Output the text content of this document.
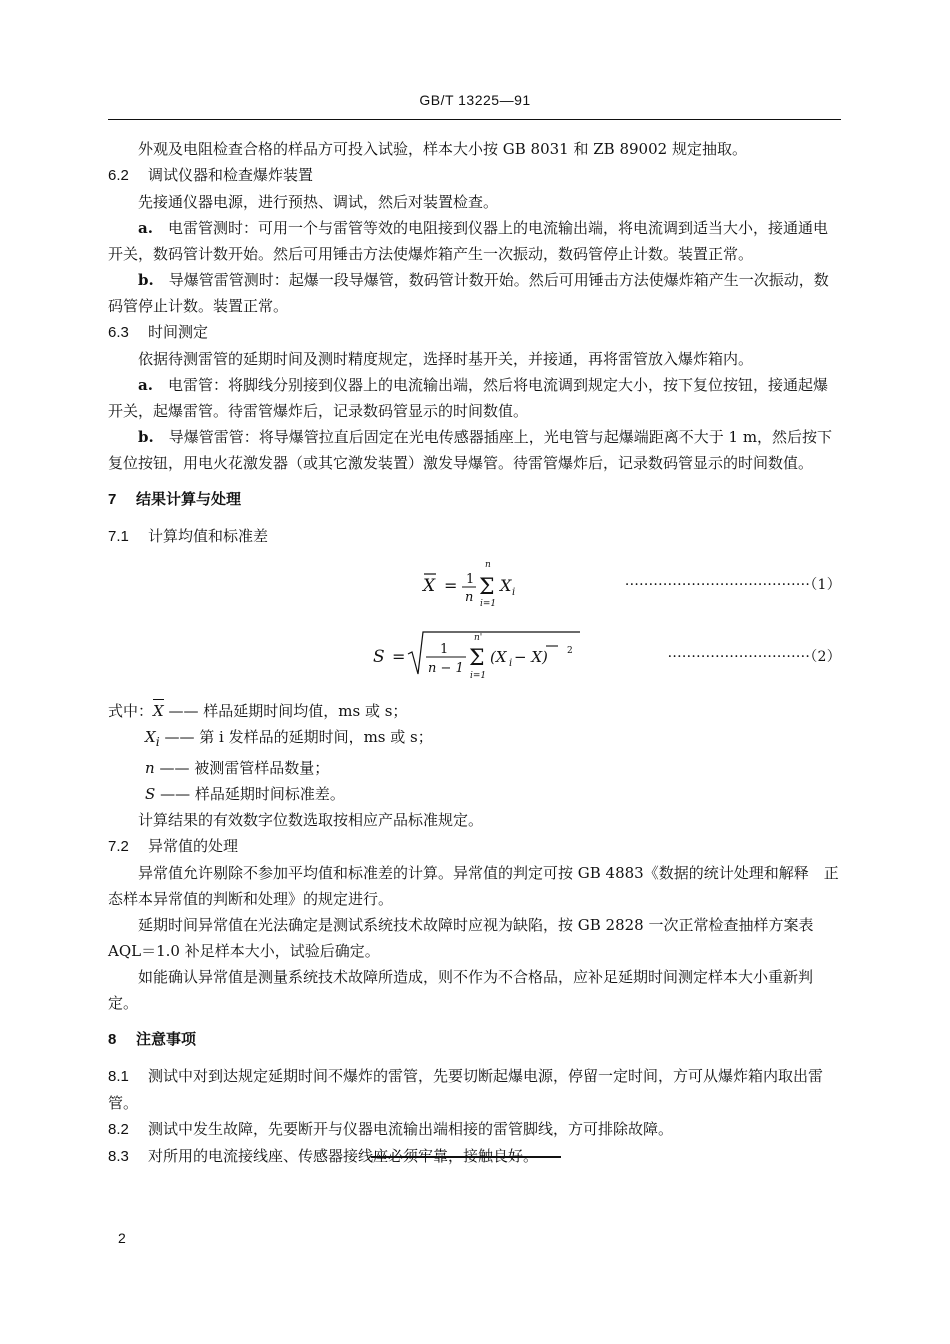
GB/T 13225—91

外观及电阻检查合格的样品方可投入试验，样本大小按 GB 8031 和 ZB 89002 规定抽取。

6.2 调试仪器和检查爆炸装置

先接通仪器电源，进行预热、调试，然后对装置检查。

a.　 电雷管测时：可用一个与雷管等效的电阻接到仪器上的电流输出端，将电流调到适当大小，接通通电开关，数码管计数开始。然后可用锤击方法使爆炸箱产生一次振动，数码管停止计数。装置正常。

b.　 导爆管雷管测时：起爆一段导爆管，数码管计数开始。然后可用锤击方法使爆炸箱产生一次振动，数码管停止计数。装置正常。

6.3 时间测定

依据待测雷管的延期时间及测时精度规定，选择时基开关，并接通，再将雷管放入爆炸箱内。

a.　 电雷管：将脚线分别接到仪器上的电流输出端，然后将电流调到规定大小，按下复位按钮，接通起爆开关，起爆雷管。待雷管爆炸后，记录数码管显示的时间数值。

b.　 导爆管雷管：将导爆管拉直后固定在光电传感器插座上，光电管与起爆端距离不大于 1 m，然后按下复位按钮，用电火花激发器（或其它激发装置）激发导爆管。待雷管爆炸后，记录数码管显示的时间数值。

7 结果计算与处理

7.1 计算均值和标准差

X = 1
n
n
Σ
i=1
X i	·······································（1）
S =	1
n − 1
n'
Σ
i=1
(X i − X) 2	······························（2）
式中：
X —— 样品延期时间均值，ms 或 s；
$X_i$ —— 第 i 发样品的延期时间，ms 或 s；
n —— 被测雷管样品数量；
S —— 样品延期时间标准差。

计算结果的有效数字位数选取按相应产品标准规定。

7.2 异常值的处理

异常值允许剔除不参加平均值和标准差的计算。异常值的判定可按 GB 4883《数据的统计处理和解释　正态样本异常值的判断和处理》的规定进行。

延期时间异常值在光法确定是测试系统技术故障时应视为缺陷，按 GB 2828 一次正常检查抽样方案表 AQL＝1.0 补足样本大小，试验后确定。

如能确认异常值是测量系统技术故障所造成，则不作为不合格品，应补足延期时间测定样本大小重新判定。

8 注意事项

8.1 测试中对到达规定延期时间不爆炸的雷管，先要切断起爆电源，停留一定时间，方可从爆炸箱内取出雷管。

8.2 测试中发生故障，先要断开与仪器电流输出端相接的雷管脚线，方可排除故障。

8.3 对所用的电流接线座、传感器接线座必须牢靠，接触良好。

2
